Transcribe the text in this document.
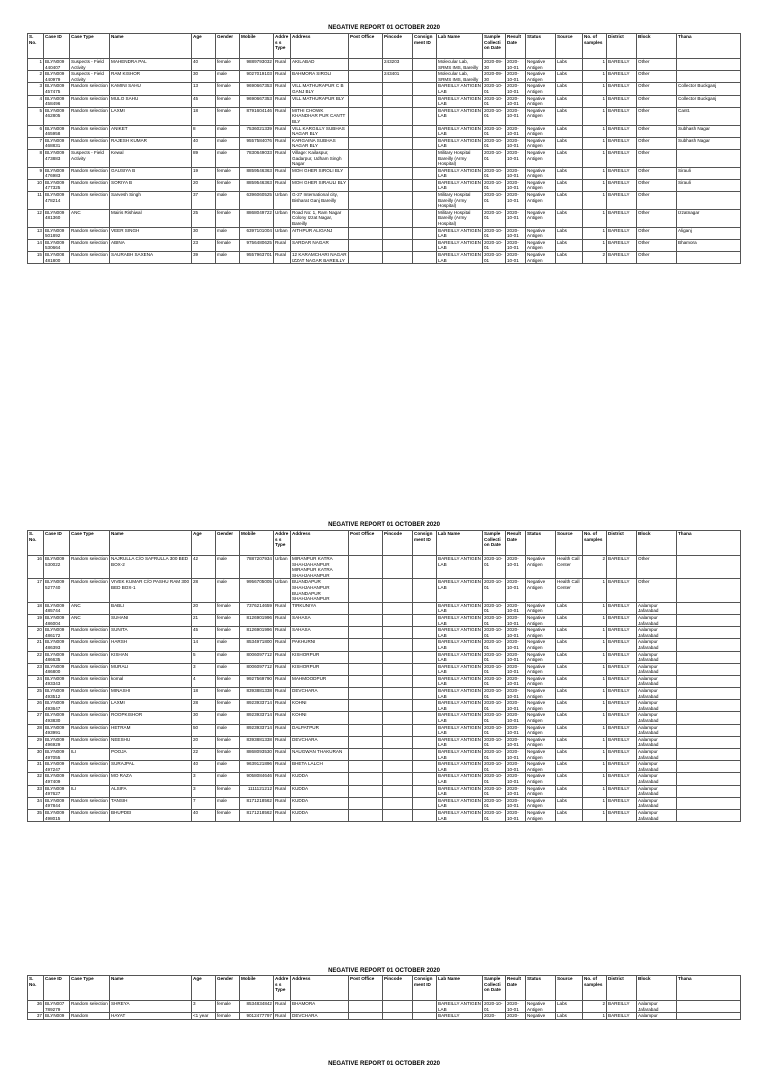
NEGATIVE REPORT 01 OCTOBER 2020
S. No.	Case ID	Case Type	Name	Age	Gender	Mobile	Addres s Type	Address	Post Office	Pincode	Consign ment ID	Lab Name	Sample Collecti on Date	Result Date	Status	Source	No. of samples	District	Block	Thana
1	BLYN009 440407	Suspects - Field Activity	MAHENDRA PAL	40	female	9889793032	Rural	AKILABAD		243203		Molecular Lab, SRMS IMS, Bareilly	2020-09-30	2020-10-01	Negative Antigen	Labs	1	BAREILLY	Other	
2	BLYN009 440979	Suspects - Field Activity	RAM KISHOR	30	male	9027019103	Rural	BAHMORA SIROLI		243401		Molecular Lab, SRMS IMS, Bareilly	2020-09-30	2020-10-01	Negative Antigen	Labs	1	BAREILLY	Other	
3	BLYN009 457475	Random selection	KAMINI SAHU	13	female	9690667353	Rural	VILL MATHURAPUR C B GANJ BLY				BAREILLY ANTIGEN LAB	2020-10-01	2020-10-01	Negative Antigen	Labs	1	BAREILLY	Other	Collector Buckganj
4	BLYN009 458496	Random selection	MULO SAHU	45	female	9690667353	Rural	VILL MATHURAPUR BLY				BAREILLY ANTIGEN LAB	2020-10-01	2020-10-01	Negative Antigen	Labs	1	BAREILLY	Other	Collector Buckganj
5	BLYN009 462805	Random selection	LAXMI	18	female	8791604146	Rural	MITHI CHOWK KHANDHAR PUR CANTT BLY				BAREILLY ANTIGEN LAB	2020-10-01	2020-10-01	Negative Antigen	Labs	1	BAREILLY	Other	Cantt.
6	BLYN009 465958	Random selection	ANIKET	8	male	7536021339	Rural	VILL KARGILLY SUBHAS NAGAR BLY				BAREILLY ANTIGEN LAB	2020-10-01	2020-10-01	Negative Antigen	Labs	1	BAREILLY	Other	Subhash Nagar
7	BLYN009 468831	Random selection	RAJESH KUMAR	40	male	9557584076	Rural	KARGAINA SUBHAS NAGAR BLY				BAREILLY ANTIGEN LAB	2020-10-01	2020-10-01	Negative Antigen	Labs	1	BAREILLY	Other	Subhash Nagar
8	BLYN009 473883	Suspects - Field Activity	Kewal	89	male	7830649033	Rural	Village: Kailaspur, Gadarpur, Udham Singh Nagar				Military Hospital Bareilly (Army Hospital)	2020-10-01	2020-10-01	Negative Antigen	Labs	1	BAREILLY	Other	
9	BLYN009 476983	Random selection	GAUSIYA B	19	female	8859546363	Rural	MOH GHER SIROLI BLY				BAREILLY ANTIGEN LAB	2020-10-01	2020-10-01	Negative Antigen	Labs	1	BAREILLY	Other	Sirauli
10	BLYN009 477325	Random selection	SORIYA B	20	female	8859546363	Rural	MOH GHER SIRAULI BLY				BAREILLY ANTIGEN LAB	2020-10-01	2020-10-01	Negative Antigen	Labs	1	BAREILLY	Other	Sirauli
11	BLYN009 478214	Random selection	Sarvesh Singh	37	male	6396060525	Urban	G-27 International city, Bisharat Ganj Bareilly				Military Hospital Bareilly (Army Hospital)	2020-10-01	2020-10-01	Negative Antigen	Labs	1	BAREILLY	Other	
12	BLYN009 481360	ANC	Mairis Rishiwal	25	female	8868049722	Urban	Road No: 1, Ram Nagar Colony Izzat Nagar, Bareilly				Military Hospital Bareilly (Army Hospital)	2020-10-01	2020-10-01	Negative Antigen	Labs	1	BAREILLY	Other	Izzatnagar
13	BLYN009 501892	Random selection	VEER SINGH	30	male	6397101004	Urban	AITHPUR ALIGANJ				BAREILLY ANTIGEN LAB	2020-10-01	2020-10-01	Negative Antigen	Labs	1	BAREILLY	Other	Aliganj
14	BLYN009 530664	Random selection	ABINA	23	female	9756480625	Rural	SARDAR NAGAR				BAREILLY ANTIGEN LAB	2020-10-01	2020-10-01	Negative Antigen	Labs	1	BAREILLY	Other	Bhamora
15	BLYN008 481800	Random selection	SAURABH SAXENA	39	male	9557963701	Rural	12 KARAMCHARI NAGAR IZZAT NAGAR BAREILLY				BAREILLY ANTIGEN LAB	2020-10-01	2020-10-01	Negative Antigen	Labs	2	BAREILLY	Other	
NEGATIVE REPORT 01 OCTOBER 2020
S. No.	Case ID	Case Type	Name	Age	Gender	Mobile	Addres s Type	Address	Post Office	Pincode	Consign ment ID	Lab Name	Sample Collecti on Date	Result Date	Status	Source	No. of samples	District	Block	Thana
16	BLYN009 530022	Random selection	NAJRULLA C/O SAFRULLA 300 BED BOX-2	42	male	7887207934	Urban	MIRANPUR KATRA SHAHJAHANPUR MIRANPUR KATRA SHAHJAHANPUR				BAREILLY ANTIGEN LAB	2020-10-01	2020-10-01	Negative Antigen	Health Call Center	2	BAREILLY	Other	
17	BLYN009 527740	Random selection	VIVEK KUMAR C/O PASHU RAM 300 BED BOX-1	28	male	9956705005	Urban	BUANDAPUR SHAHJAHANPUR BUANDAPUR SHAHJAHANPUR				BAREILLY ANTIGEN LAB	2020-10-01	2020-10-01	Negative Antigen	Health Call Center	1	BAREILLY	Other	
18	BLYN009 485744	ANC	BABLI	20	female	7376214659	Rural	TIRKUNIYA				BAREILLY ANTIGEN LAB	2020-10-01	2020-10-01	Negative Antigen	Labs	1	BAREILLY	Aalampur Jafarabad	
19	BLYN009 486004	ANC	SUHANI	21	female	8126901996	Rural	SAHASA				BAREILLY ANTIGEN LAB	2020-10-01	2020-10-01	Negative Antigen	Labs	1	BAREILLY	Aalampur Jafarabad	
20	BLYN009 486172	Random selection	SUNITA	45	female	8126901996	Rural	SAHASA				BAREILLY ANTIGEN LAB	2020-10-01	2020-10-01	Negative Antigen	Labs	1	BAREILLY	Aalampur Jafarabad	
21	BLYN009 486393	Random selection	HARSH	14	male	8534971800	Rural	PAKHURNI				BAREILLY ANTIGEN LAB	2020-10-01	2020-10-01	Negative Antigen	Labs	1	BAREILLY	Aalampur Jafarabad	
22	BLYN009 486635	Random selection	KISHAN	5	male	8006097712	Rural	KISHORPUR				BAREILLY ANTIGEN LAB	2020-10-01	2020-10-01	Negative Antigen	Labs	1	BAREILLY	Aalampur Jafarabad	
23	BLYN009 486800	Random selection	MURALI	3	male	8006097712	Rural	KISHORPUR				BAREILLY ANTIGEN LAB	2020-10-01	2020-10-01	Negative Antigen	Labs	1	BAREILLY	Aalampur Jafarabad	
24	BLYN009 493343	Random selection	komal	4	female	9927569790	Rural	MAHMOODPUR				BAREILLY ANTIGEN LAB	2020-10-01	2020-10-01	Negative Antigen	Labs	1	BAREILLY	Aalampur Jafarabad	
25	BLYN009 493512	Random selection	MINASHI	18	female	8393881338	Rural	DEVCHARA				BAREILLY ANTIGEN LAB	2020-10-01	2020-10-01	Negative Antigen	Labs	1	BAREILLY	Aalampur Jafarabad	
26	BLYN009 493647	Random selection	LAXMI	28	female	8923933714	Rural	KOHNI				BAREILLY ANTIGEN LAB	2020-10-01	2020-10-01	Negative Antigen	Labs	1	BAREILLY	Aalampur Jafarabad	
27	BLYN009 493830	Random selection	ROOPKISHOR	30	male	8923933714	Rural	KOHNI				BAREILLY ANTIGEN LAB	2020-10-01	2020-10-01	Negative Antigen	Labs	1	BAREILLY	Aalampur Jafarabad	
28	BLYN009 493991	Random selection	HETRAM	50	male	8923933714	Rural	DALPATPUR				BAREILLY ANTIGEN LAB	2020-10-01	2020-10-01	Negative Antigen	Labs	1	BAREILLY	Aalampur Jafarabad	
29	BLYN009 496929	Random selection	NEESHU	20	female	8393881338	Rural	DEVCHARA				BAREILLY ANTIGEN LAB	2020-10-01	2020-10-01	Negative Antigen	Labs	1	BAREILLY	Aalampur Jafarabad	
30	BLYN009 497055	ILI	POOJA	22	female	8868093530	Rural	NAUGWAN THAKURAN				BAREILLY ANTIGEN LAB	2020-10-01	2020-10-01	Negative Antigen	Labs	1	BAREILLY	Aalampur Jafarabad	
31	BLYN009 497247	Random selection	SURAJPAL	40	male	9639121896	Rural	BHETA LALCH				BAREILLY ANTIGEN LAB	2020-10-01	2020-10-01	Negative Antigen	Labs	1	BAREILLY	Aalampur Jafarabad	
32	BLYN009 497409	Random selection	MO RAZA	3	male	9058084646	Rural	KUDDA				BAREILLY ANTIGEN LAB	2020-10-01	2020-10-01	Negative Antigen	Labs	1	BAREILLY	Aalampur Jafarabad	
33	BLYN009 497627	ILI	ALSIFA	3	female	1111121212	Rural	KUDDA				BAREILLY ANTIGEN LAB	2020-10-01	2020-10-01	Negative Antigen	Labs	1	BAREILLY	Aalampur Jafarabad	
34	BLYN009 497844	Random selection	TANSIH	7	male	8171218562	Rural	KUDDA				BAREILLY ANTIGEN LAB	2020-10-01	2020-10-01	Negative Antigen	Labs	1	BAREILLY	Aalampur Jafarabad	
35	BLYN009 498015	Random selection	BHUPDEI	40	female	8171218562	Rural	KUDDA				BAREILLY ANTIGEN LAB	2020-10-01	2020-10-01	Negative Antigen	Labs	1	BAREILLY	Aalampur Jafarabad	
NEGATIVE REPORT 01 OCTOBER 2020
NEGATIVE REPORT 01 OCTOBER 2020
S. No.	Case ID	Case Type	Name	Age	Gender	Mobile	Addres s Type	Address	Post Office	Pincode	Consign ment ID	Lab Name	Sample Collecti on Date	Result Date	Status	Source	No. of samples	District	Block	Thana
36	BLYN007 789279	Random selection	SHREYA	3	female	8534834842	Rural	BHAMORA				BAREILLY ANTIGEN LAB	2020-10-01	2020-10-01	Negative Antigen	Labs	2	BAREILLY	Aalampur Jafarabad	
37	BLYN009	Random	HAYAT	<1 year	female	9012477797	Rural	DEVCHARA				BAREILLY	2020-	2020-	Negative	Labs	1	BAREILLY	Aalampur	
